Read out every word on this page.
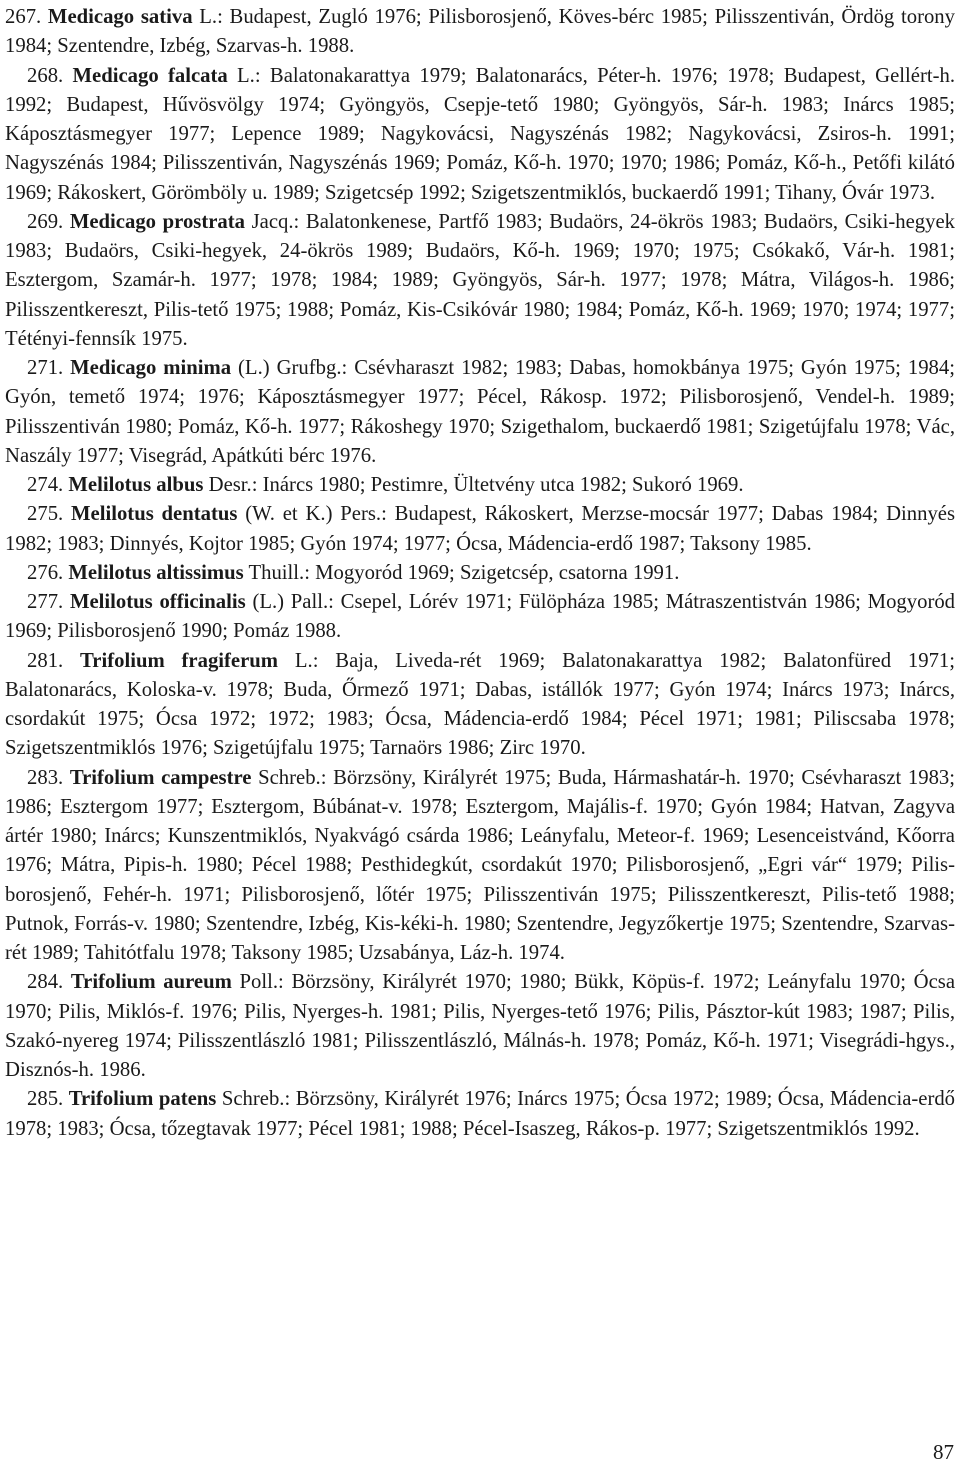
267. Medicago sativa L.: Budapest, Zugló 1976; Pilisborosjenő, Köves-bérc 1985; Pilisszentiván, Ördög torony 1984; Szentendre, Izbég, Szarvas-h. 1988.

268. Medicago falcata L.: Balatonakarattya 1979; Balatonarács, Péter-h. 1976; 1978; Budapest, Gellért-h. 1992; Budapest, Hűvösvölgy 1974; Gyöngyös, Csepje-tető 1980; Gyöngyös, Sár-h. 1983; Inárcs 1985; Káposztásmegyer 1977; Lepence 1989; Nagykovácsi, Nagyszénás 1982; Nagykovácsi, Zsiros-h. 1991; Nagyszénás 1984; Pilisszentiván, Nagyszénás 1969; Pomáz, Kő-h. 1970; 1970; 1986; Pomáz, Kő-h., Petőfi kilátó 1969; Rákoskert, Görömböly u. 1989; Szigetcsép 1992; Szigetszentmiklós, buckaerdő 1991; Tihany, Óvár 1973.

269. Medicago prostrata Jacq.: Balatonkenese, Partfő 1983; Budaörs, 24-ökrös 1983; Budaörs, Csiki-hegyek 1983; Budaörs, Csiki-hegyek, 24-ökrös 1989; Budaörs, Kő-h. 1969; 1970; 1975; Csókakő, Vár-h. 1981; Esztergom, Szamár-h. 1977; 1978; 1984; 1989; Gyöngyös, Sár-h. 1977; 1978; Mátra, Világos-h. 1986; Pilisszentkereszt, Pilis-tető 1975; 1988; Pomáz, Kis-Csikóvár 1980; 1984; Pomáz, Kő-h. 1969; 1970; 1974; 1977; Tétényi-fennsík 1975.

271. Medicago minima (L.) Grufbg.: Csévharaszt 1982; 1983; Dabas, homokbánya 1975; Gyón 1975; 1984; Gyón, temető 1974; 1976; Káposztásmegyer 1977; Pécel, Rákosp. 1972; Pilisborosjenő, Vendel-h. 1989; Pilisszentiván 1980; Pomáz, Kő-h. 1977; Rákoshegy 1970; Szigethalom, buckaerdő 1981; Szigetújfalu 1978; Vác, Naszály 1977; Visegrád, Apátkúti bérc 1976.

274. Melilotus albus Desr.: Inárcs 1980; Pestimre, Ültetvény utca 1982; Sukoró 1969.

275. Melilotus dentatus (W. et K.) Pers.: Budapest, Rákoskert, Merzse-mocsár 1977; Dabas 1984; Dinnyés 1982; 1983; Dinnyés, Kojtor 1985; Gyón 1974; 1977; Ócsa, Mádencia-erdő 1987; Taksony 1985.

276. Melilotus altissimus Thuill.: Mogyoród 1969; Szigetcsép, csatorna 1991.

277. Melilotus officinalis (L.) Pall.: Csepel, Lórév 1971; Fülöpháza 1985; Mátraszentistván 1986; Mogyoród 1969; Pilisborosjenő 1990; Pomáz 1988.

281. Trifolium fragiferum L.: Baja, Liveda-rét 1969; Balatonakarattya 1982; Balatonfüred 1971; Balatonarács, Koloska-v. 1978; Buda, Őrmező 1971; Dabas, istállók 1977; Gyón 1974; Inárcs 1973; Inárcs, csordakút 1975; Ócsa 1972; 1972; 1983; Ócsa, Mádencia-erdő 1984; Pécel 1971; 1981; Piliscsaba 1978; Szigetszentmiklós 1976; Szigetújfalu 1975; Tarnaörs 1986; Zirc 1970.

283. Trifolium campestre Schreb.: Börzsöny, Királyrét 1975; Buda, Hármashatár-h. 1970; Csévharaszt 1983; 1986; Esztergom 1977; Esztergom, Búbánat-v. 1978; Esztergom, Majális-f. 1970; Gyón 1984; Hatvan, Zagyva ártér 1980; Inárcs; Kunszentmiklós, Nyakvágó csárda 1986; Leányfalu, Meteor-f. 1969; Lesenceistvánd, Kőorra 1976; Mátra, Pipis-h. 1980; Pécel 1988; Pesthidegkút, csordakút 1970; Pilisborosjenő, „Egri vár“ 1979; Pilisborosjenő, Fehér-h. 1971; Pilisborosjenő, lőtér 1975; Pilisszentiván 1975; Pilisszentkereszt, Pilis-tető 1988; Putnok, Forrás-v. 1980; Szentendre, Izbég, Kis-kéki-h. 1980; Szentendre, Jegyzőkertje 1975; Szentendre, Szarvas-rét 1989; Tahitótfalu 1978; Taksony 1985; Uzsabánya, Láz-h. 1974.

284. Trifolium aureum Poll.: Börzsöny, Királyrét 1970; 1980; Bükk, Köpüs-f. 1972; Leányfalu 1970; Ócsa 1970; Pilis, Miklós-f. 1976; Pilis, Nyerges-h. 1981; Pilis, Nyerges-tető 1976; Pilis, Pásztor-kút 1983; 1987; Pilis, Szakó-nyereg 1974; Pilisszentlászló 1981; Pilisszentlászló, Málnás-h. 1978; Pomáz, Kő-h. 1971; Visegrádi-hgys., Disznós-h. 1986.

285. Trifolium patens Schreb.: Börzsöny, Királyrét 1976; Inárcs 1975; Ócsa 1972; 1989; Ócsa, Mádencia-erdő 1978; 1983; Ócsa, tőzegtavak 1977; Pécel 1981; 1988; Pécel-Isaszeg, Rákos-p. 1977; Szigetszentmiklós 1992.

87
